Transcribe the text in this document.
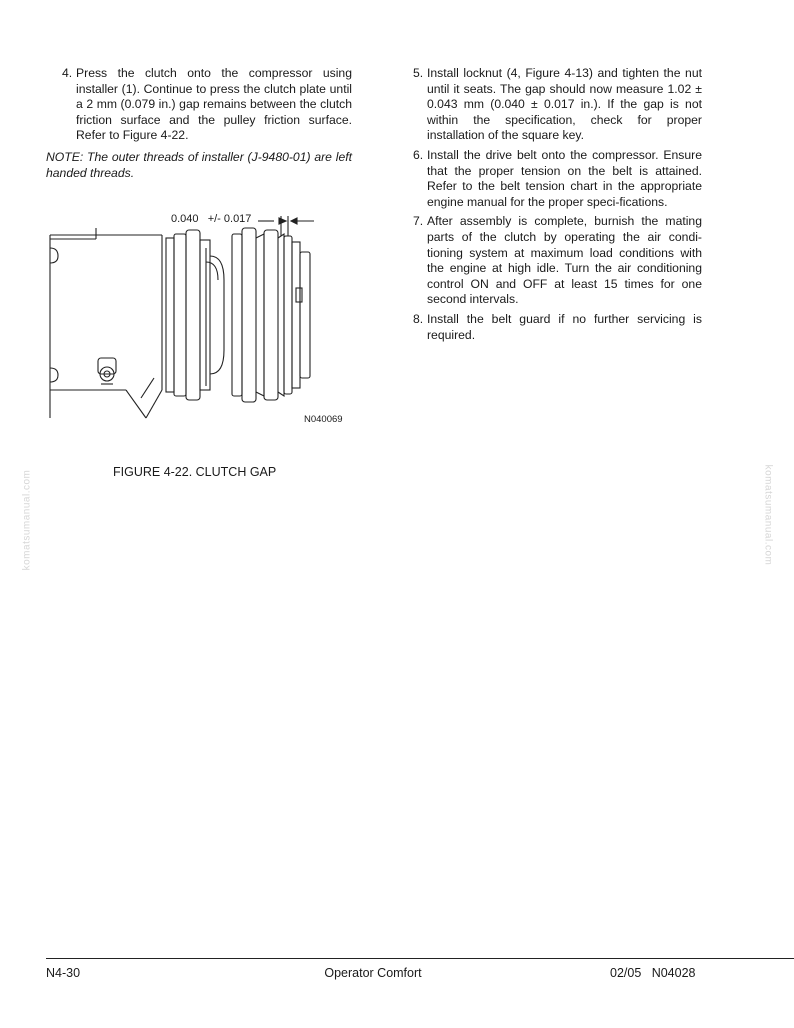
4. Press the clutch onto the compressor using installer (1). Continue to press the clutch plate until a 2 mm (0.079 in.) gap remains between the clutch friction surface and the pulley friction surface. Refer to Figure 4-22.
NOTE: The outer threads of installer (J-9480-01) are left handed threads.
0.040   +/- 0.017
N040069
FIGURE 4-22. CLUTCH GAP
5. Install locknut (4, Figure 4-13) and tighten the nut until it seats. The gap should now measure 1.02 ± 0.043 mm (0.040 ± 0.017 in.). If the gap is not within the specification, check for proper installation of the square key.
6. Install the drive belt onto the compressor. Ensure that the proper tension on the belt is attained. Refer to the belt tension chart in the appropriate engine manual for the proper speci-fications.
7. After assembly is complete, burnish the mating parts of the clutch by operating the air condi-tioning system at maximum load conditions with the engine at high idle. Turn the air conditioning control ON and OFF at least 15 times for one second intervals.
8. Install the belt guard if no further servicing is required.
komatsumanual.com	komatsumanual.com
N4-30	Operator Comfort	02/05   N04028
